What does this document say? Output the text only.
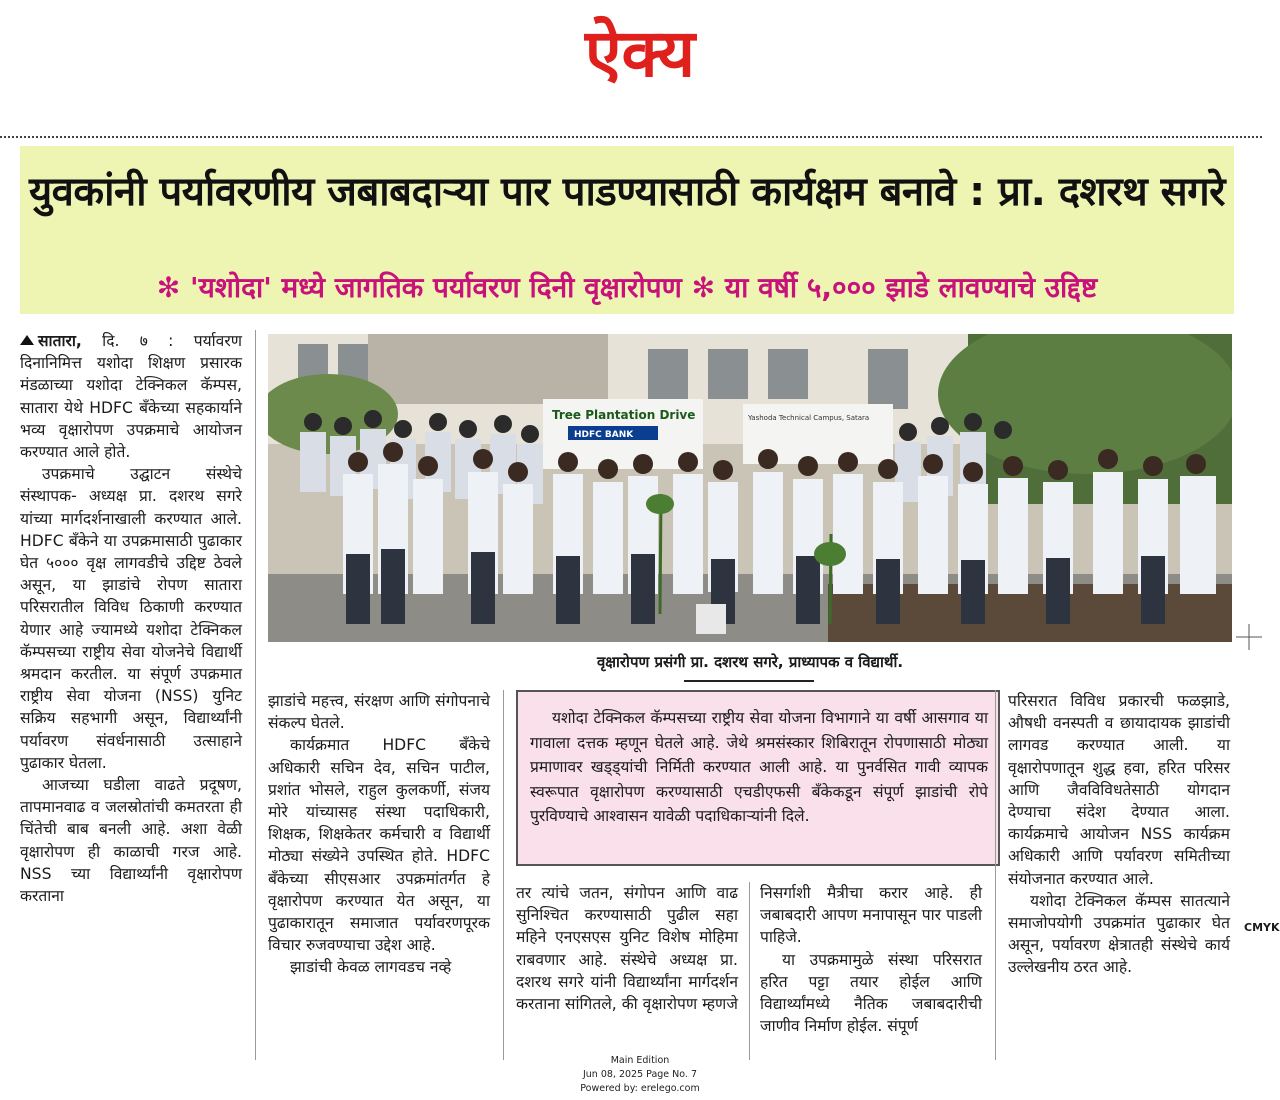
ऐक्य
युवकांनी पर्यावरणीय जबाबदाऱ्या पार पाडण्यासाठी कार्यक्षम बनावे : प्रा. दशरथ सगरे
✻ 'यशोदा' मध्ये जागतिक पर्यावरण दिनी वृक्षारोपण ✻ या वर्षी ५,००० झाडे लावण्याचे उद्दिष्ट

सातारा, दि. ७ : पर्यावरण दिनानिमित्त यशोदा शिक्षण प्रसारक मंडळाच्या यशोदा टेक्निकल कॅम्पस, सातारा येथे HDFC बँकेच्या सहकार्याने भव्य वृक्षारोपण उपक्रमाचे आयोजन करण्यात आले होते.

उपक्रमाचे उद्घाटन संस्थेचे संस्थापक- अध्यक्ष प्रा. दशरथ सगरे यांच्या मार्गदर्शनाखाली करण्यात आले. HDFC बँकेने या उपक्रमासाठी पुढाकार घेत ५००० वृक्ष लागवडीचे उद्दिष्ट ठेवले असून, या झाडांचे रोपण सातारा परिसरातील विविध ठिकाणी करण्यात येणार आहे ज्यामध्ये यशोदा टेक्निकल कॅम्पसच्या राष्ट्रीय सेवा योजनेचे विद्यार्थी श्रमदान करतील. या संपूर्ण उपक्रमात राष्ट्रीय सेवा योजना (NSS) युनिट सक्रिय सहभागी असून, विद्यार्थ्यांनी पर्यावरण संवर्धनासाठी उत्साहाने पुढाकार घेतला.

आजच्या घडीला वाढते प्रदूषण, तापमानवाढ व जलस्रोतांची कमतरता ही चिंतेची बाब बनली आहे. अशा वेळी वृक्षारोपण ही काळाची गरज आहे. NSS च्या विद्यार्थ्यांनी वृक्षारोपण करताना

Tree Plantation Drive
HDFC BANK
Yashoda Technical Campus, Satara
वृक्षारोपण प्रसंगी प्रा. दशरथ सगरे, प्राध्यापक व विद्यार्थी.

झाडांचे महत्त्व, संरक्षण आणि संगोपनाचे संकल्प घेतले.

कार्यक्रमात HDFC बँकेचे अधिकारी सचिन देव, सचिन पाटील, प्रशांत भोसले, राहुल कुलकर्णी, संजय मोरे यांच्यासह संस्था पदाधिकारी, शिक्षक, शिक्षकेतर कर्मचारी व विद्यार्थी मोठ्या संख्येने उपस्थित होते. HDFC बँकेच्या सीएसआर उपक्रमांतर्गत हे वृक्षारोपण करण्यात येत असून, या पुढाकारातून समाजात पर्यावरणपूरक विचार रुजवण्याचा उद्देश आहे.

झाडांची केवळ लागवडच नव्हे

यशोदा टेक्निकल कॅम्पसच्या राष्ट्रीय सेवा योजना विभागाने या वर्षी आसगाव या गावाला दत्तक म्हणून घेतले आहे. जेथे श्रमसंस्कार शिबिरातून रोपणासाठी मोठ्या प्रमाणावर खड्ड्यांची निर्मिती करण्यात आली आहे. या पुनर्वसित गावी व्यापक स्वरूपात वृक्षारोपण करण्यासाठी एचडीएफसी बँकेकडून संपूर्ण झाडांची रोपे पुरविण्याचे आश्वासन यावेळी पदाधिकाऱ्यांनी दिले.

तर त्यांचे जतन, संगोपन आणि वाढ सुनिश्चित करण्यासाठी पुढील सहा महिने एनएसएस युनिट विशेष मोहिमा राबवणार आहे. संस्थेचे अध्यक्ष प्रा. दशरथ सगरे यांनी विद्यार्थ्यांना मार्गदर्शन करताना सांगितले, की वृक्षारोपण म्हणजे

निसर्गाशी मैत्रीचा करार आहे. ही जबाबदारी आपण मनापासून पार पाडली पाहिजे.

या उपक्रमामुळे संस्था परिसरात हरित पट्टा तयार होईल आणि विद्यार्थ्यांमध्ये नैतिक जबाबदारीची जाणीव निर्माण होईल. संपूर्ण

परिसरात विविध प्रकारची फळझाडे, औषधी वनस्पती व छायादायक झाडांची लागवड करण्यात आली. या वृक्षारोपणातून शुद्ध हवा, हरित परिसर आणि जैवविविधतेसाठी योगदान देण्याचा संदेश देण्यात आला. कार्यक्रमाचे आयोजन NSS कार्यक्रम अधिकारी आणि पर्यावरण समितीच्या संयोजनात करण्यात आले.

यशोदा टेक्निकल कॅम्पस सातत्याने समाजोपयोगी उपक्रमांत पुढाकार घेत असून, पर्यावरण क्षेत्रातही संस्थेचे कार्य उल्लेखनीय ठरत आहे.

Main Edition
Jun 08, 2025 Page No. 7
Powered by: erelego.com
CMYK
